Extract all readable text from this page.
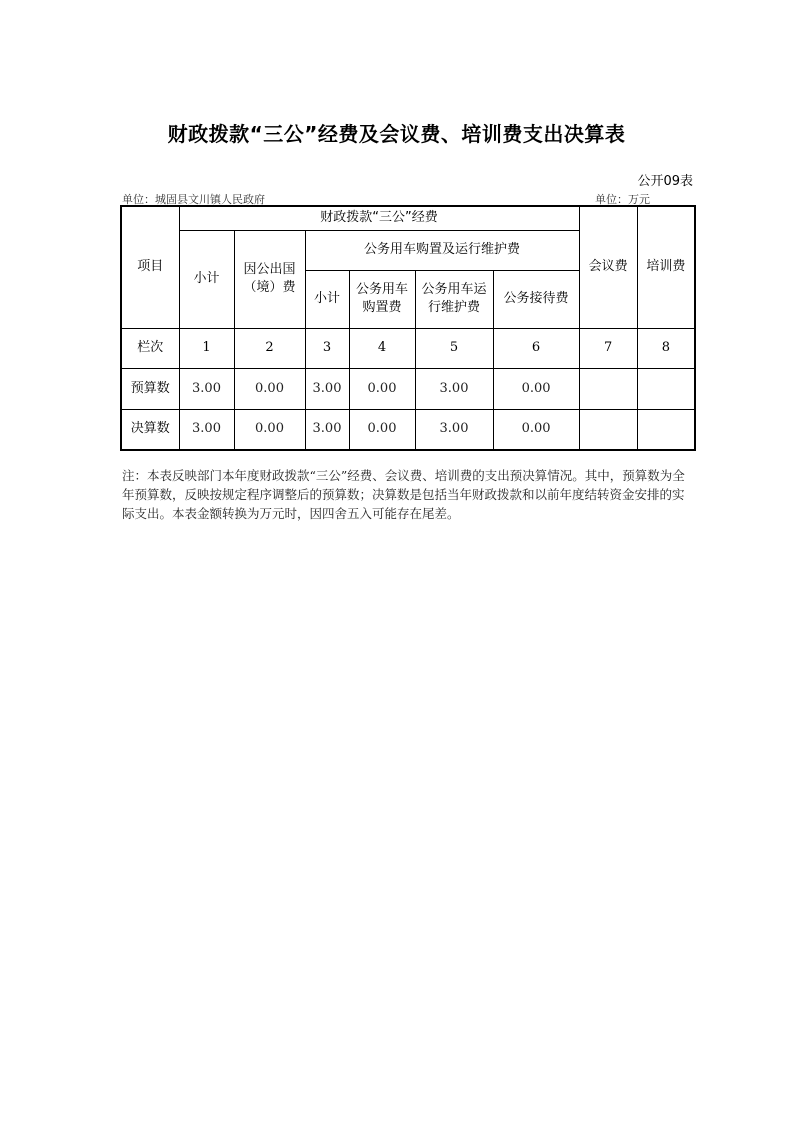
财政拨款“三公”经费及会议费、培训费支出决算表
公开09表
单位：城固县文川镇人民政府	单位：万元
项目	财政拨款“三公”经费						会议费	培训费
	小计	因公出国（境）费	公务用车购置及运行维护费					
			小计	公务用车购置费	公务用车运行维护费	公务接待费		
栏次	1	2	3	4	5	6	7	8
预算数	3.00	0.00	3.00	0.00	3.00	0.00		
决算数	3.00	0.00	3.00	0.00	3.00	0.00		
注：本表反映部门本年度财政拨款“三公”经费、会议费、培训费的支出预决算情况。其中，预算数为全年预算数，反映按规定程序调整后的预算数；决算数是包括当年财政拨款和以前年度结转资金安排的实际支出。本表金额转换为万元时，因四舍五入可能存在尾差。
